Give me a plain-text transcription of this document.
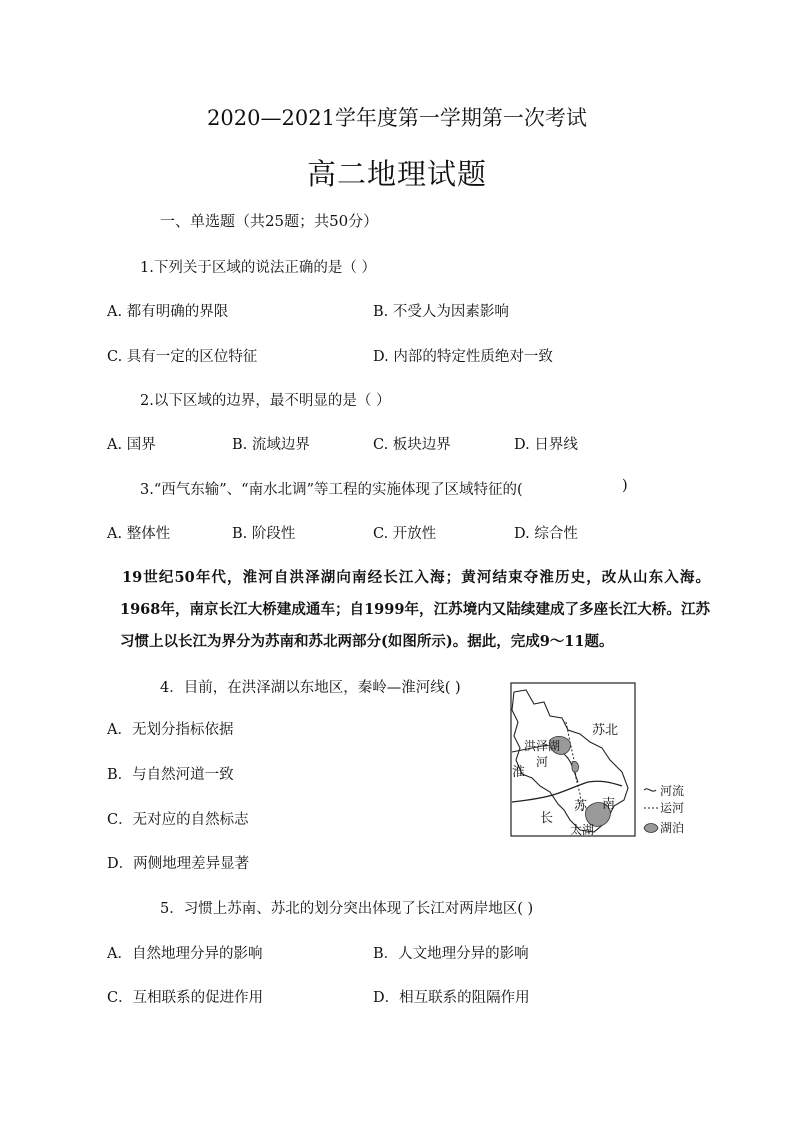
2020—2021学年度第一学期第一次考试
高二地理试题
一、单选题（共25题；共50分）
1.下列关于区域的说法正确的是（ ）
A. 都有明确的界限	B. 不受人为因素影响
C. 具有一定的区位特征	D. 内部的特定性质绝对一致
2.以下区域的边界，最不明显的是（ ）
A. 国界	B. 流域边界	C. 板块边界	D. 日界线
3.“西气东输”、“南水北调”等工程的实施体现了区域特征的(	)
A. 整体性	B. 阶段性	C. 开放性	D. 综合性

19世纪50年代，淮河自洪泽湖向南经长江入海；黄河结束夺淮历史，改从山东入海。1968年，南京长江大桥建成通车；自1999年，江苏境内又陆续建成了多座长江大桥。江苏习惯上以长江为界分为苏南和苏北两部分(如图所示)。据此，完成9～11题。

4．目前，在洪泽湖以东地区，秦岭—淮河线( )
A．无划分指标依据
B．与自然河道一致
C．无对应的自然标志
D．两侧地理差异显著
苏北
洪泽湖
河
淮
长
苏 南
太湖
河流
运河
湖泊
5．习惯上苏南、苏北的划分突出体现了长江对两岸地区( )
A．自然地理分异的影响	B．人文地理分异的影响
C．互相联系的促进作用	D．相互联系的阻隔作用
